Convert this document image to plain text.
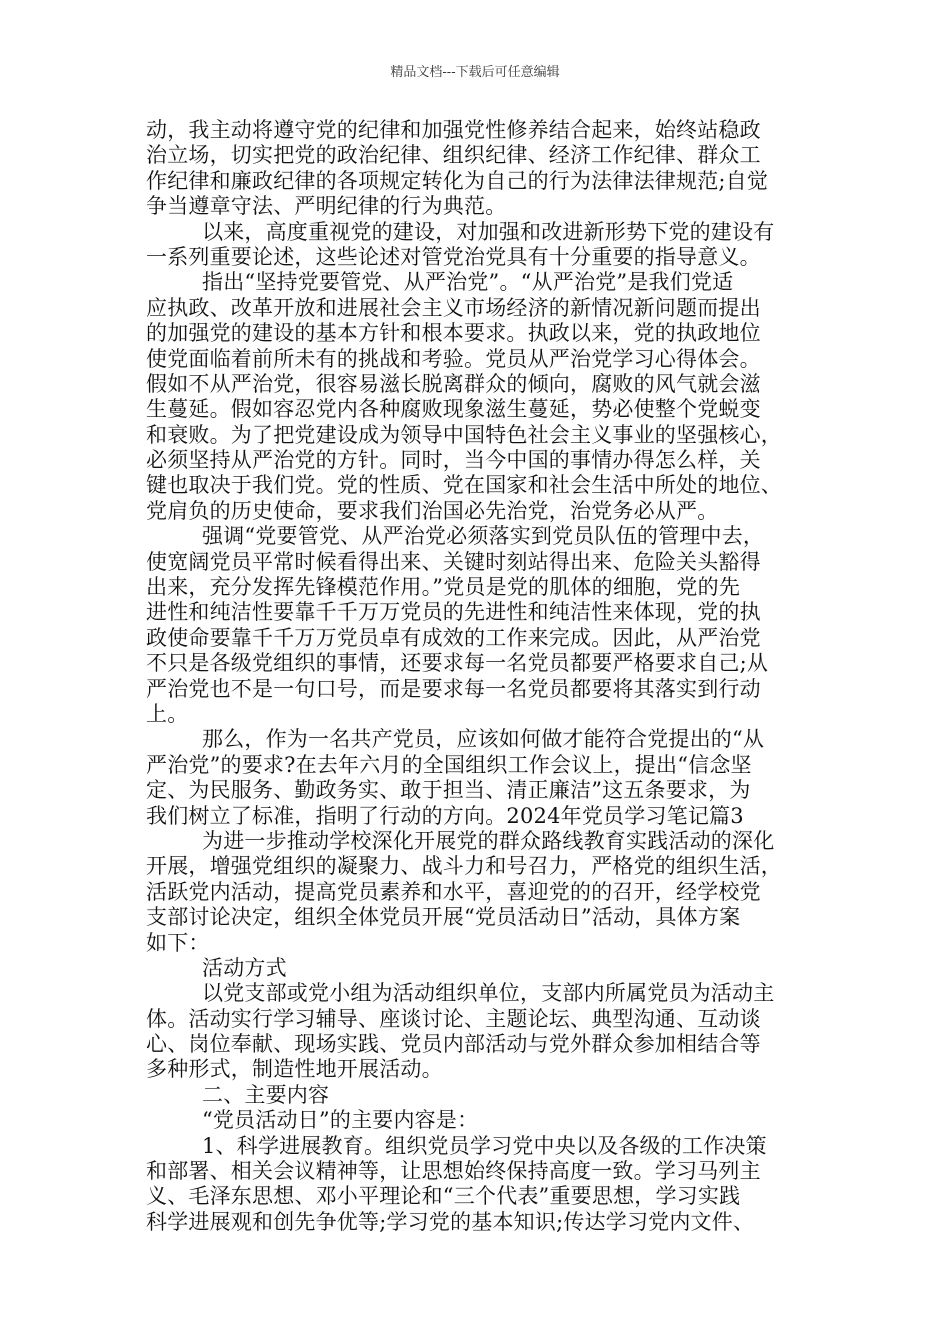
精品文档---下载后可任意编辑
动，我主动将遵守党的纪律和加强党性修养结合起来，始终站稳政
治立场，切实把党的政治纪律、组织纪律、经济工作纪律、群众工
作纪律和廉政纪律的各项规定转化为自己的行为法律法律规范;自觉
争当遵章守法、严明纪律的行为典范。
以来，高度重视党的建设，对加强和改进新形势下党的建设有
一系列重要论述，这些论述对管党治党具有十分重要的指导意义。
指出“坚持党要管党、从严治党”。“从严治党”是我们党适
应执政、改革开放和进展社会主义市场经济的新情况新问题而提出
的加强党的建设的基本方针和根本要求。执政以来，党的执政地位
使党面临着前所未有的挑战和考验。党员从严治党学习心得体会。
假如不从严治党，很容易滋长脱离群众的倾向，腐败的风气就会滋
生蔓延。假如容忍党内各种腐败现象滋生蔓延，势必使整个党蜕变
和衰败。为了把党建设成为领导中国特色社会主义事业的坚强核心，
必须坚持从严治党的方针。同时，当今中国的事情办得怎么样，关
键也取决于我们党。党的性质、党在国家和社会生活中所处的地位、
党肩负的历史使命，要求我们治国必先治党，治党务必从严。
强调“党要管党、从严治党必须落实到党员队伍的管理中去，
使宽阔党员平常时候看得出来、关键时刻站得出来、危险关头豁得
出来，充分发挥先锋模范作用。”党员是党的肌体的细胞，党的先
进性和纯洁性要靠千千万万党员的先进性和纯洁性来体现，党的执
政使命要靠千千万万党员卓有成效的工作来完成。因此，从严治党
不只是各级党组织的事情，还要求每一名党员都要严格要求自己;从
严治党也不是一句口号，而是要求每一名党员都要将其落实到行动
上。
那么，作为一名共产党员，应该如何做才能符合党提出的“从
严治党”的要求?在去年六月的全国组织工作会议上，提出“信念坚
定、为民服务、勤政务实、敢于担当、清正廉洁”这五条要求，为
我们树立了标准，指明了行动的方向。2024年党员学习笔记篇3
为进一步推动学校深化开展党的群众路线教育实践活动的深化
开展，增强党组织的凝聚力、战斗力和号召力，严格党的组织生活，
活跃党内活动，提高党员素养和水平，喜迎党的的召开，经学校党
支部讨论决定，组织全体党员开展“党员活动日”活动，具体方案
如下：
活动方式
以党支部或党小组为活动组织单位，支部内所属党员为活动主
体。活动实行学习辅导、座谈讨论、主题论坛、典型沟通、互动谈
心、岗位奉献、现场实践、党员内部活动与党外群众参加相结合等
多种形式，制造性地开展活动。
二、主要内容
“党员活动日”的主要内容是：
1、科学进展教育。组织党员学习党中央以及各级的工作决策
和部署、相关会议精神等，让思想始终保持高度一致。学习马列主
义、毛泽东思想、邓小平理论和“三个代表”重要思想，学习实践
科学进展观和创先争优等;学习党的基本知识;传达学习党内文件、
